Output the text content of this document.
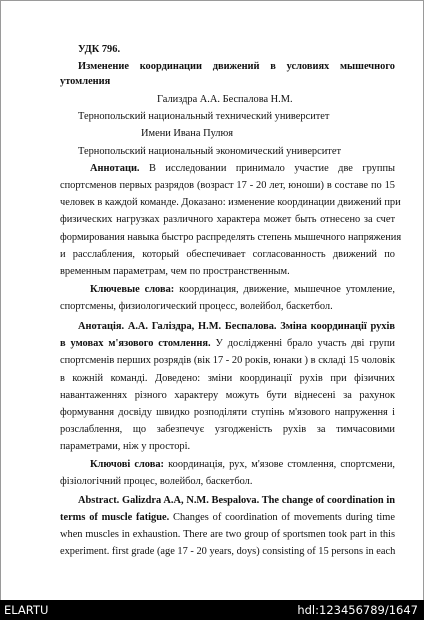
УДК 796.
Изменение координации движений в условиях мышечного
утомления
Гализдра А.А. Беспалова Н.М.
Тернопольский национальный технический университет
Имени Ивана Пулюя
Тернопольский национальный экономический университет
Аннотаци. В исследовании принимало участие две группы
спортсменов первых разрядов (возраст 17 - 20 лет, юноши) в составе по 15
человек в каждой команде. Доказано: изменение координации движений при
физических нагрузках различного характера может быть отнесено за счет
формирования навыка быстро распределять степень мышечного напряжения
и расслабления, который обеспечивает согласованность движений по
временным параметрам, чем по пространственным.
Ключевые слова: координация, движение, мышечное утомление,
спортсмены, физиологический процесс, волейбол, баскетбол.
Анотація. А.А. Галіздра, Н.М. Беспалова. Зміна координації рухів
в умовах м'язового стомлення. У дослідженні брало участь дві групи
спортсменів перших розрядів (вік 17 - 20 років, юнаки ) в складі 15 чоловік
в кожній команді. Доведено: зміни координації рухів при фізичних
навантаженнях різного характеру можуть бути віднесені за рахунок
формування досвіду швидко розподіляти ступінь м'язового напруження і
розслаблення, що забезпечує узгодженість рухів за тимчасовими
параметрами, ніж у просторі.
Ключові слова: координація, рух, м'язове стомлення, спортсмени,
фізіологічний процес, волейбол, баскетбол.
Abstract. Galizdra A.A, N.M. Bespalova. The change of coordination in
terms of muscle fatigue. Changes of coordination of movements during time
when muscles in exhaustion. There are two group of sportsmen took part in this
experiment. first grade (age 17 - 20 years, doys) consisting of 15 persons in each
ELARTU	hdl:123456789/1647
